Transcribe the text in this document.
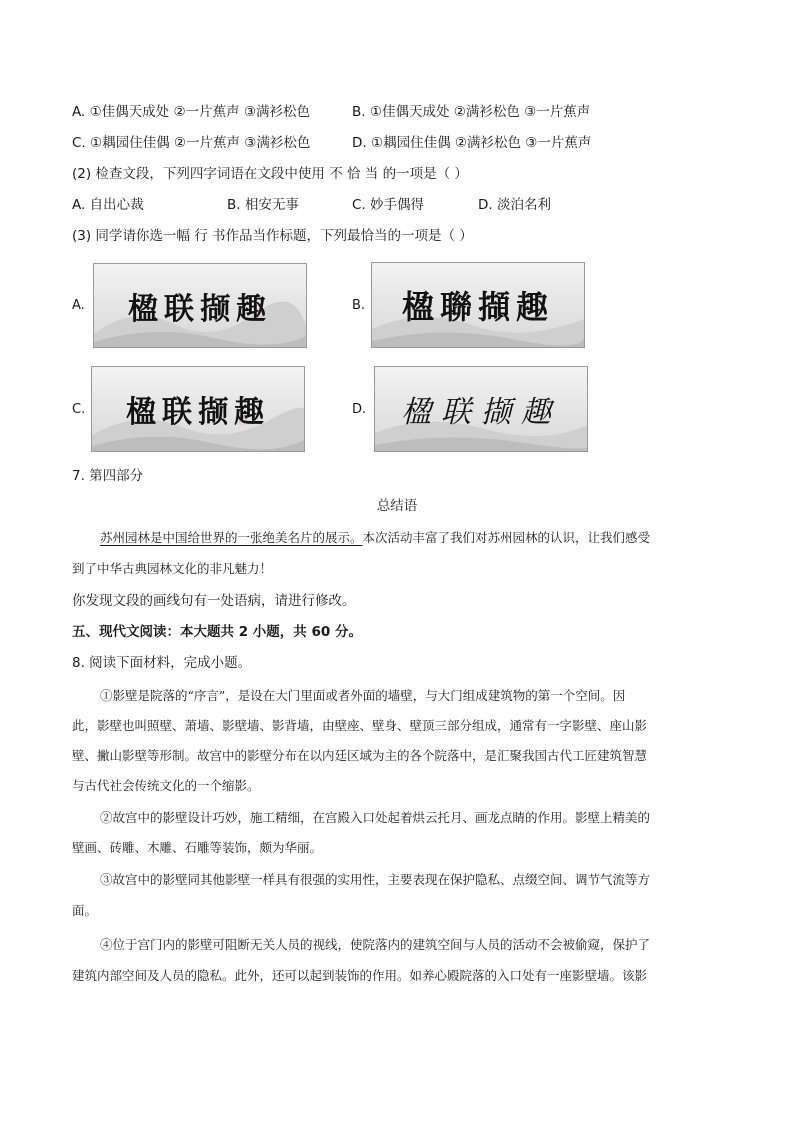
A. ①佳偶天成处 ②一片蕉声 ③满衫松色	B. ①佳偶天成处 ②满衫松色 ③一片蕉声
C. ①耦园住佳偶 ②一片蕉声 ③满衫松色	D. ①耦园住佳偶 ②满衫松色 ③一片蕉声
(2) 检查文段，下列四字词语在文段中使用 不 恰 当 的一项是（ ）
A. 自出心裁	B. 相安无事	C. 妙手偶得	D. 淡泊名利
(3) 同学请你选一幅 行 书作品当作标题，下列最恰当的一项是（ ）
A.	楹联撷趣	B.	楹聯擷趣
C.	楹联撷趣	D.	楹联撷趣
7. 第四部分
总结语
苏州园林是中国给世界的一张绝美名片的展示。本次活动丰富了我们对苏州园林的认识，让我们感受
到了中华古典园林文化的非凡魅力！
你发现文段的画线句有一处语病，请进行修改。
五、现代文阅读：本大题共 2 小题，共 60 分。
8. 阅读下面材料，完成小题。
①影壁是院落的“序言”，是设在大门里面或者外面的墙壁，与大门组成建筑物的第一个空间。因
此，影壁也叫照壁、萧墙、影壁墙、影背墙，由壁座、壁身、壁顶三部分组成，通常有一字影壁、座山影
壁、撇山影壁等形制。故宫中的影壁分布在以内廷区域为主的各个院落中，是汇聚我国古代工匠建筑智慧
与古代社会传统文化的一个缩影。
②故宫中的影壁设计巧妙，施工精细，在宫殿入口处起着烘云托月、画龙点睛的作用。影壁上精美的
壁画、砖雕、木雕、石雕等装饰，颇为华丽。
③故宫中的影壁同其他影壁一样具有很强的实用性，主要表现在保护隐私、点缀空间、调节气流等方
面。
④位于宫门内的影壁可阻断无关人员的视线，使院落内的建筑空间与人员的活动不会被偷窥，保护了
建筑内部空间及人员的隐私。此外，还可以起到装饰的作用。如养心殿院落的入口处有一座影壁墙。该影
